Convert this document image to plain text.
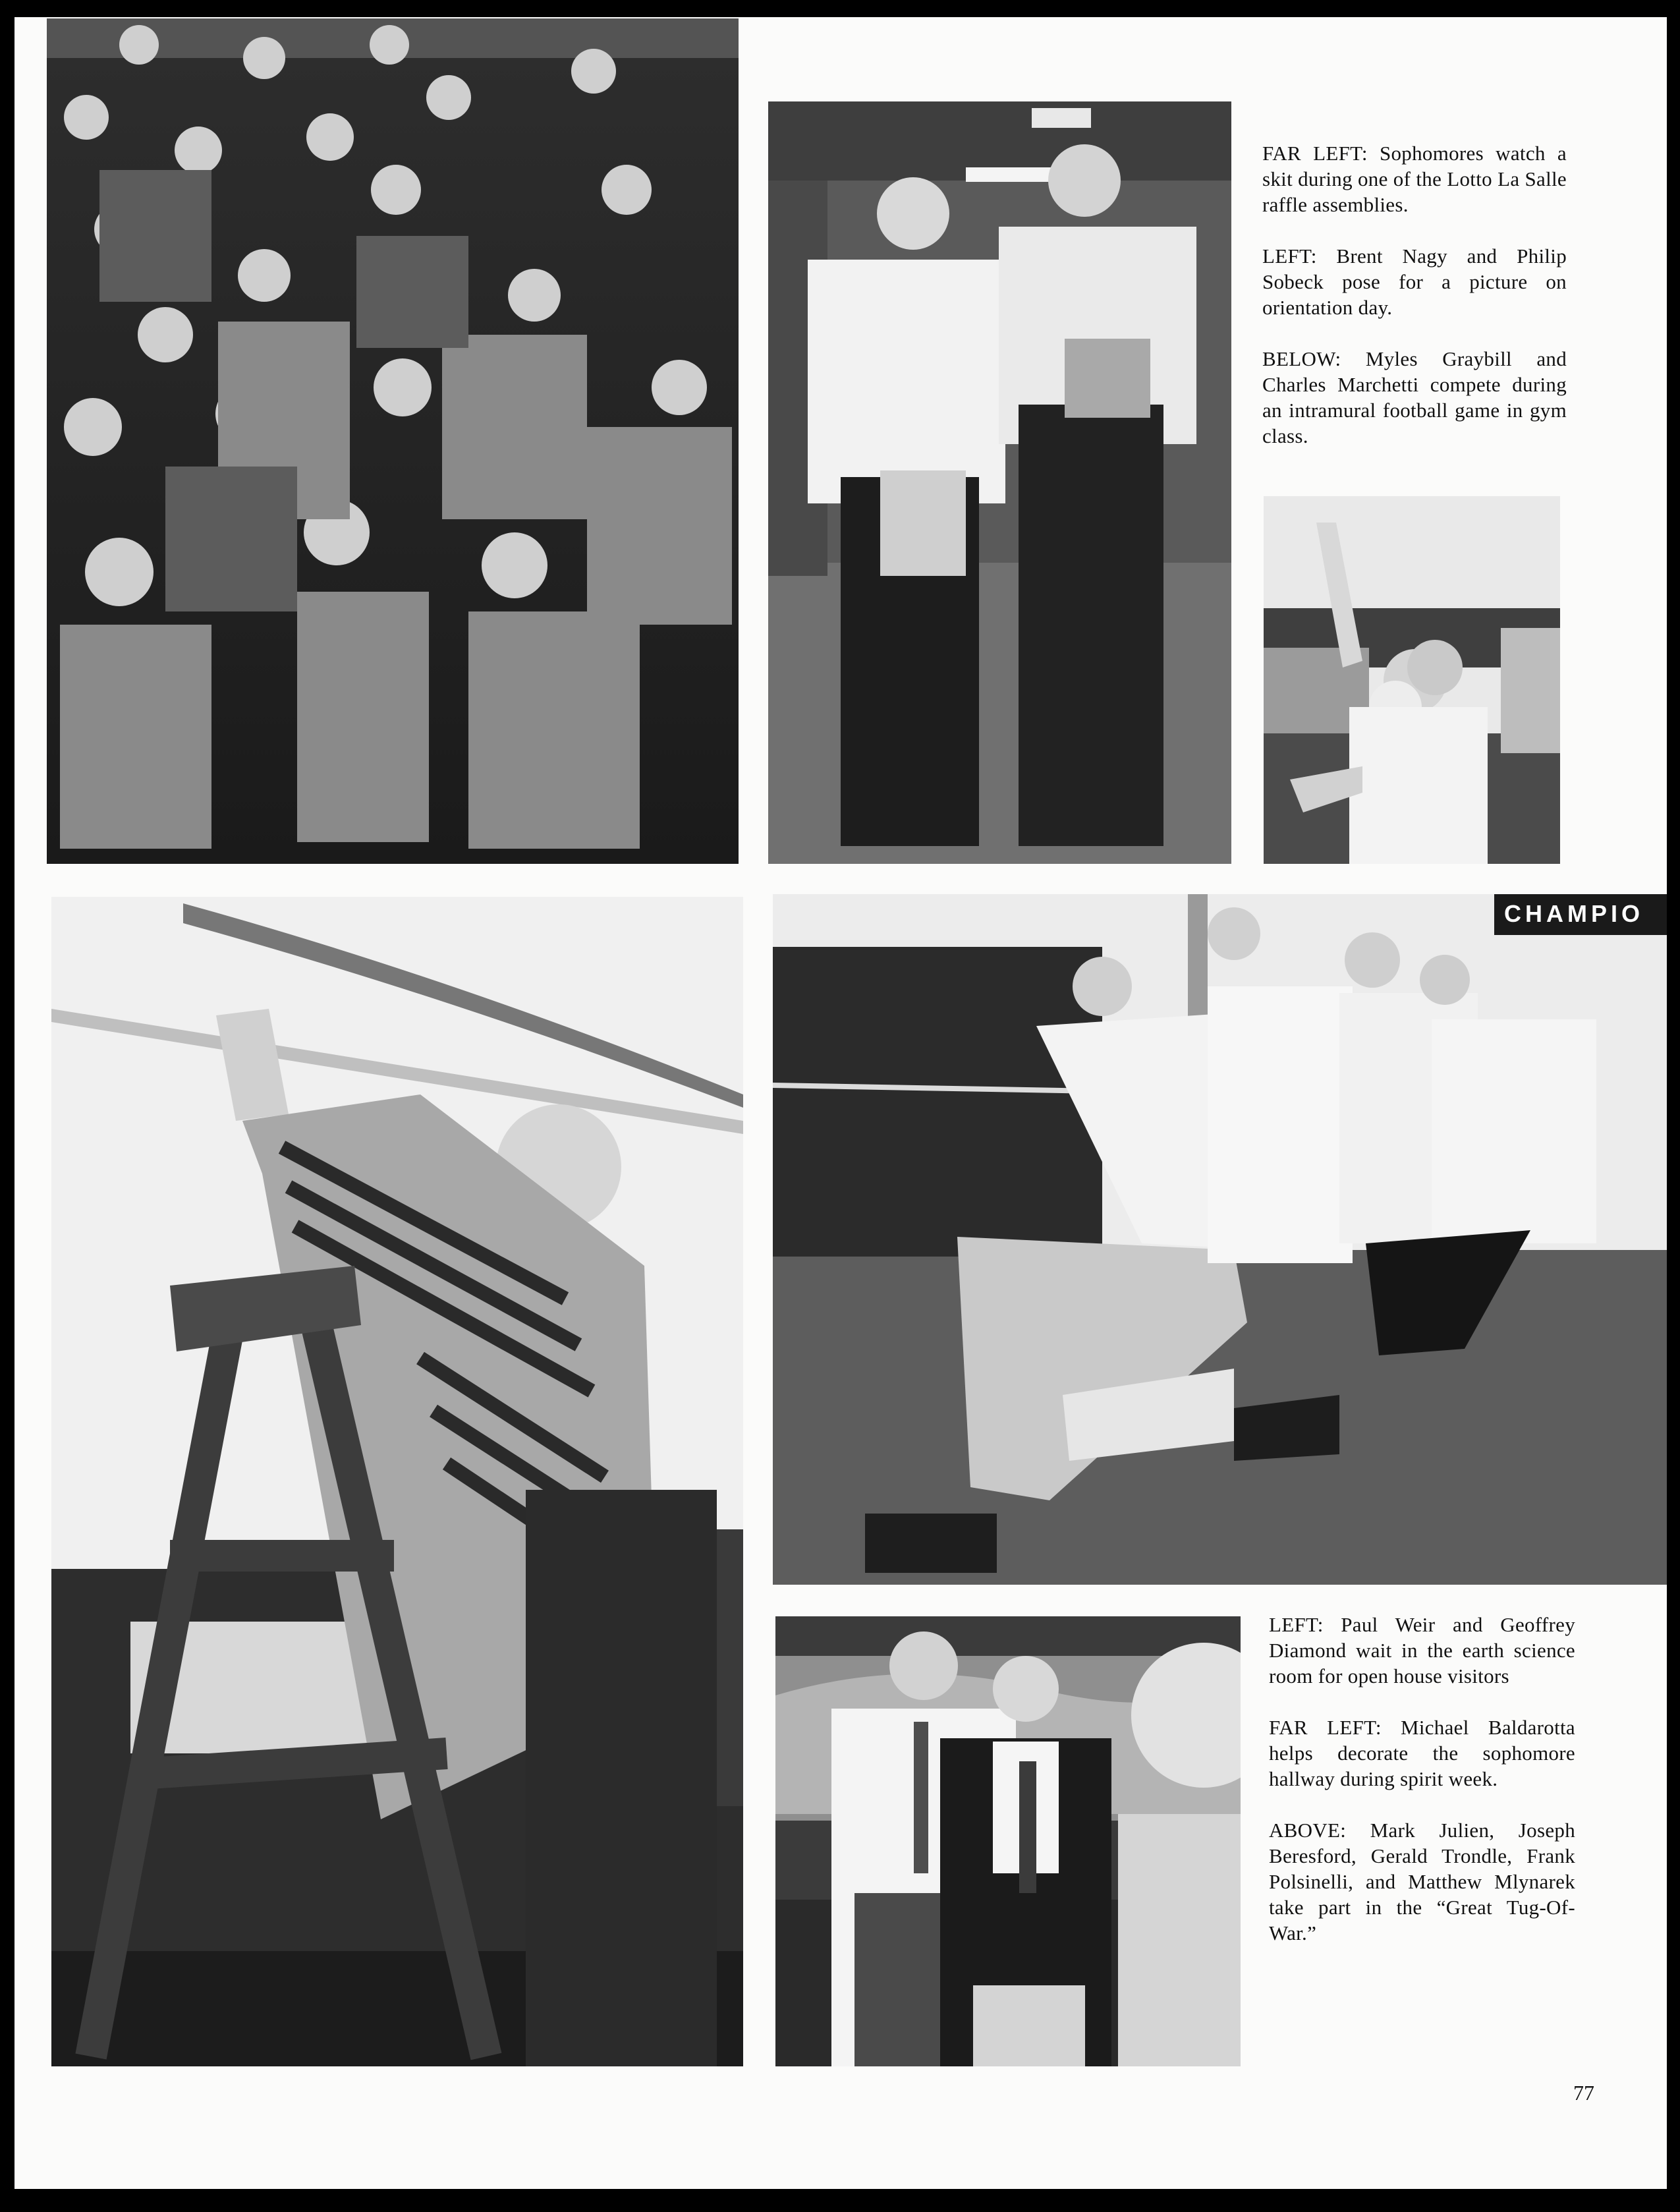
CHAMPIO

FAR LEFT: Sophomores watch a skit during one of the Lotto La Salle raffle assemblies.

LEFT: Brent Nagy and Philip Sobeck pose for a picture on orientation day.

BELOW: Myles Graybill and Charles Marchetti compete during an intramural football game in gym class.

LEFT: Paul Weir and Geoffrey Diamond wait in the earth science room for open house visitors

FAR LEFT: Michael Baldarotta helps decorate the sophomore hallway during spirit week.

ABOVE: Mark Julien, Joseph Beresford, Gerald Trondle, Frank Polsinelli, and Matthew Mlynarek take part in the “Great Tug-Of-War.”

77
